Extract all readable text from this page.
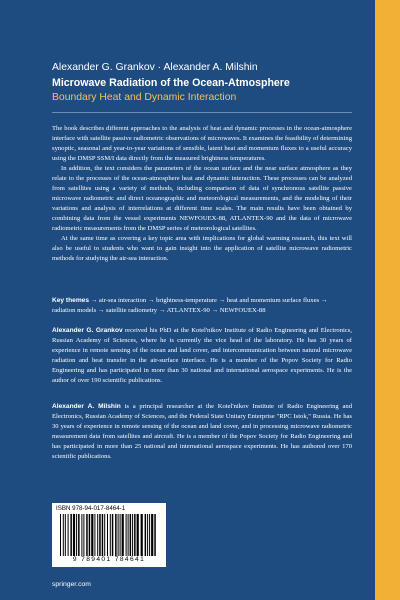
Alexander G. Grankov · Alexander A. Milshin
Microwave Radiation of the Ocean-Atmosphere
Boundary Heat and Dynamic Interaction

The book describes different approaches to the analysis of heat and dynamic processes in the ocean-atmosphere interface with satellite passive radiometric observations of microwaves. It examines the feasibility of determining synoptic, seasonal and year-to-year variations of sensible, latent heat and momentum fluxes to a useful accuracy using the DMSP SSM/I data directly from the measured brightness temperatures.

In addition, the text considers the parameters of the ocean surface and the near surface atmosphere as they relate to the processes of the ocean-atmosphere heat and dynamic interaction. These processes can be analyzed from satellites using a variety of methods, including comparison of data of synchronous satellite passive microwave radiometric and direct oceanographic and meteorological measurements, and the modeling of their variations and analysis of interrelations at different time scales. The main results have been obtained by combining data from the vessel experiments NEWFOUEX-88, ATLANTEX-90 and the data of microwave radiometric measurements from the DMSP series of meteorological satellites.

At the same time as covering a key topic area with implications for global warming research, this text will also be useful to students who want to gain insight into the application of satellite microwave radiometric methods for studying the air-sea interaction.

Key themes → air-sea interaction → brightness-temperature → heat and momentum surface fluxes → radiation models → satellite radiometry → ATLANTEX-90 → NEWFOUEX-88
Alexander G. Grankov received his PhD at the Kotel'nikov Institute of Radio Engineering and Electronics, Russian Academy of Sciences, where he is currently the vice head of the laboratory. He has 30 years of experience in remote sensing of the ocean and land cover, and intercommunication between natural microwave radiation and heat transfer in the air-surface interface. He is a member of the Popov Society for Radio Engineering and has participated in more than 30 national and international aerospace experiments. He is the author of over 190 scientific publications.
Alexander A. Milshin is a principal researcher at the Kotel'nikov Institute of Radio Engineering and Electronics, Russian Academy of Sciences, and the Federal State Unitary Enterprise "RPC Istok," Russia. He has 30 years of experience in remote sensing of the ocean and land cover, and in processing microwave radiometric measurement data from satellites and aircraft. He is a member of the Popov Society for Radio Engineering and has participated in more than 25 national and international aerospace experiments. He has authored over 170 scientific publications.
ISBN 978-94-017-8464-1
9 789401 784641
springer.com
